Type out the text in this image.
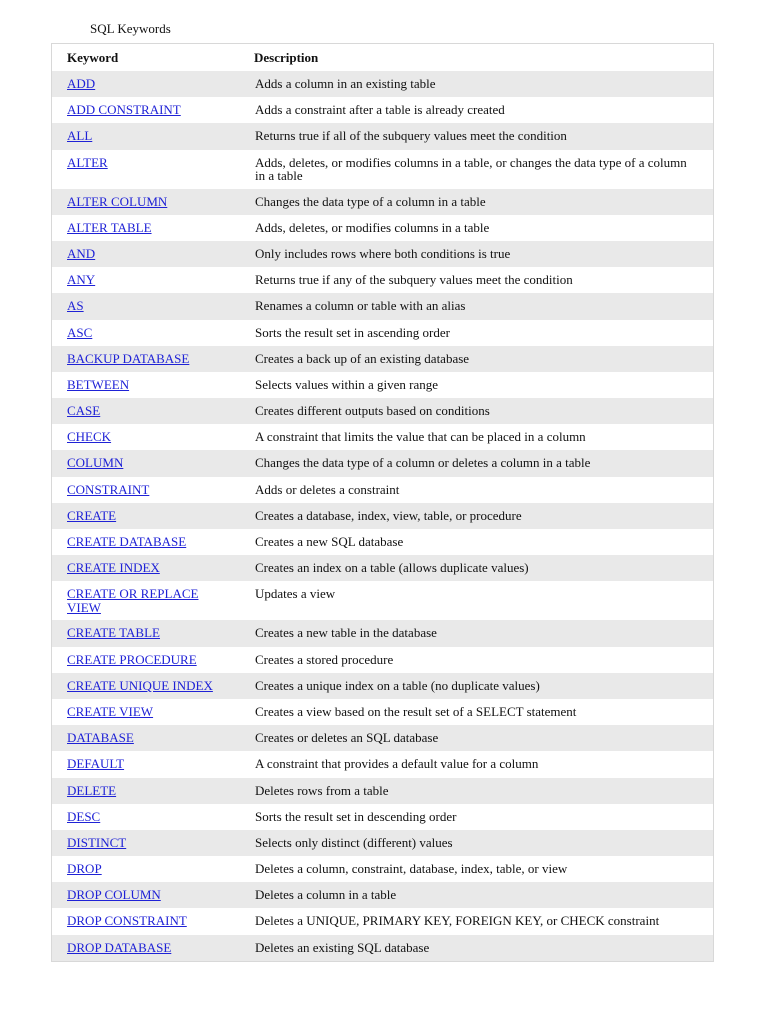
SQL Keywords
Keyword	Description
ADD	Adds a column in an existing table
ADD CONSTRAINT	Adds a constraint after a table is already created
ALL	Returns true if all of the subquery values meet the condition
ALTER	Adds, deletes, or modifies columns in a table, or changes the data type of a column in a table
ALTER COLUMN	Changes the data type of a column in a table
ALTER TABLE	Adds, deletes, or modifies columns in a table
AND	Only includes rows where both conditions is true
ANY	Returns true if any of the subquery values meet the condition
AS	Renames a column or table with an alias
ASC	Sorts the result set in ascending order
BACKUP DATABASE	Creates a back up of an existing database
BETWEEN	Selects values within a given range
CASE	Creates different outputs based on conditions
CHECK	A constraint that limits the value that can be placed in a column
COLUMN	Changes the data type of a column or deletes a column in a table
CONSTRAINT	Adds or deletes a constraint
CREATE	Creates a database, index, view, table, or procedure
CREATE DATABASE	Creates a new SQL database
CREATE INDEX	Creates an index on a table (allows duplicate values)
CREATE OR REPLACE VIEW	Updates a view
CREATE TABLE	Creates a new table in the database
CREATE PROCEDURE	Creates a stored procedure
CREATE UNIQUE INDEX	Creates a unique index on a table (no duplicate values)
CREATE VIEW	Creates a view based on the result set of a SELECT statement
DATABASE	Creates or deletes an SQL database
DEFAULT	A constraint that provides a default value for a column
DELETE	Deletes rows from a table
DESC	Sorts the result set in descending order
DISTINCT	Selects only distinct (different) values
DROP	Deletes a column, constraint, database, index, table, or view
DROP COLUMN	Deletes a column in a table
DROP CONSTRAINT	Deletes a UNIQUE, PRIMARY KEY, FOREIGN KEY, or CHECK constraint
DROP DATABASE	Deletes an existing SQL database
